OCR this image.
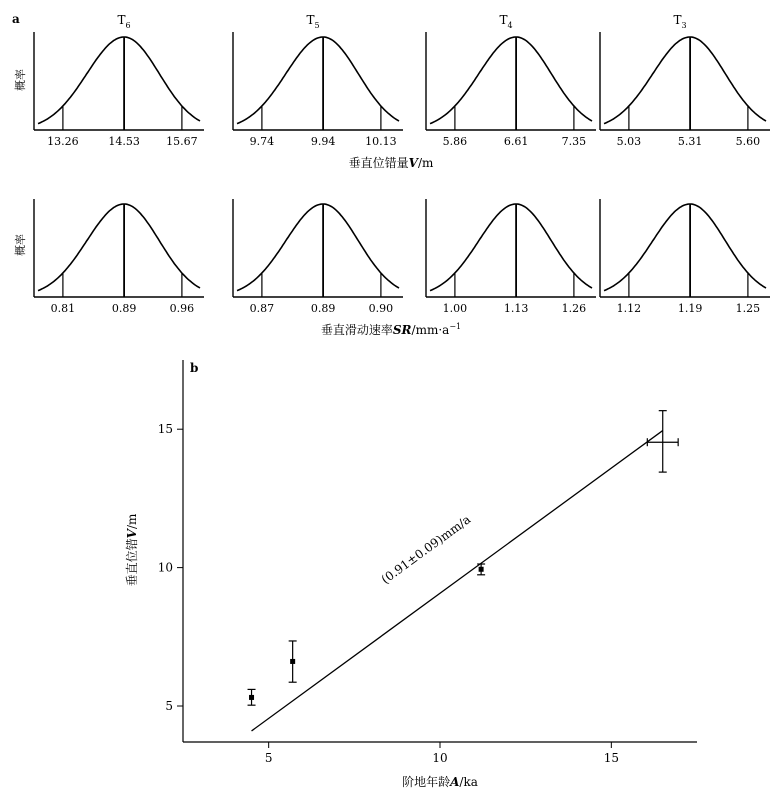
a	$T_6$	$T_5$	$T_4$	$T_3$
概率
概率
13.26	14.53 15.67	9.74	9.94	10.13	5.86	6.61	7.35	5.03	5.31	5.60
0.81	0.89	0.96	0.87	0.89	0.90	1.00	1.13	1.26	1.12	1.19	1.25
垂直位错量V/m
垂直滑动速率$SR/mm\cdot a^{-1}$
b
5	10	15
5
10
15
(0.91±0.09)mm/a
阶地年龄A/ka
垂直位错V/m
